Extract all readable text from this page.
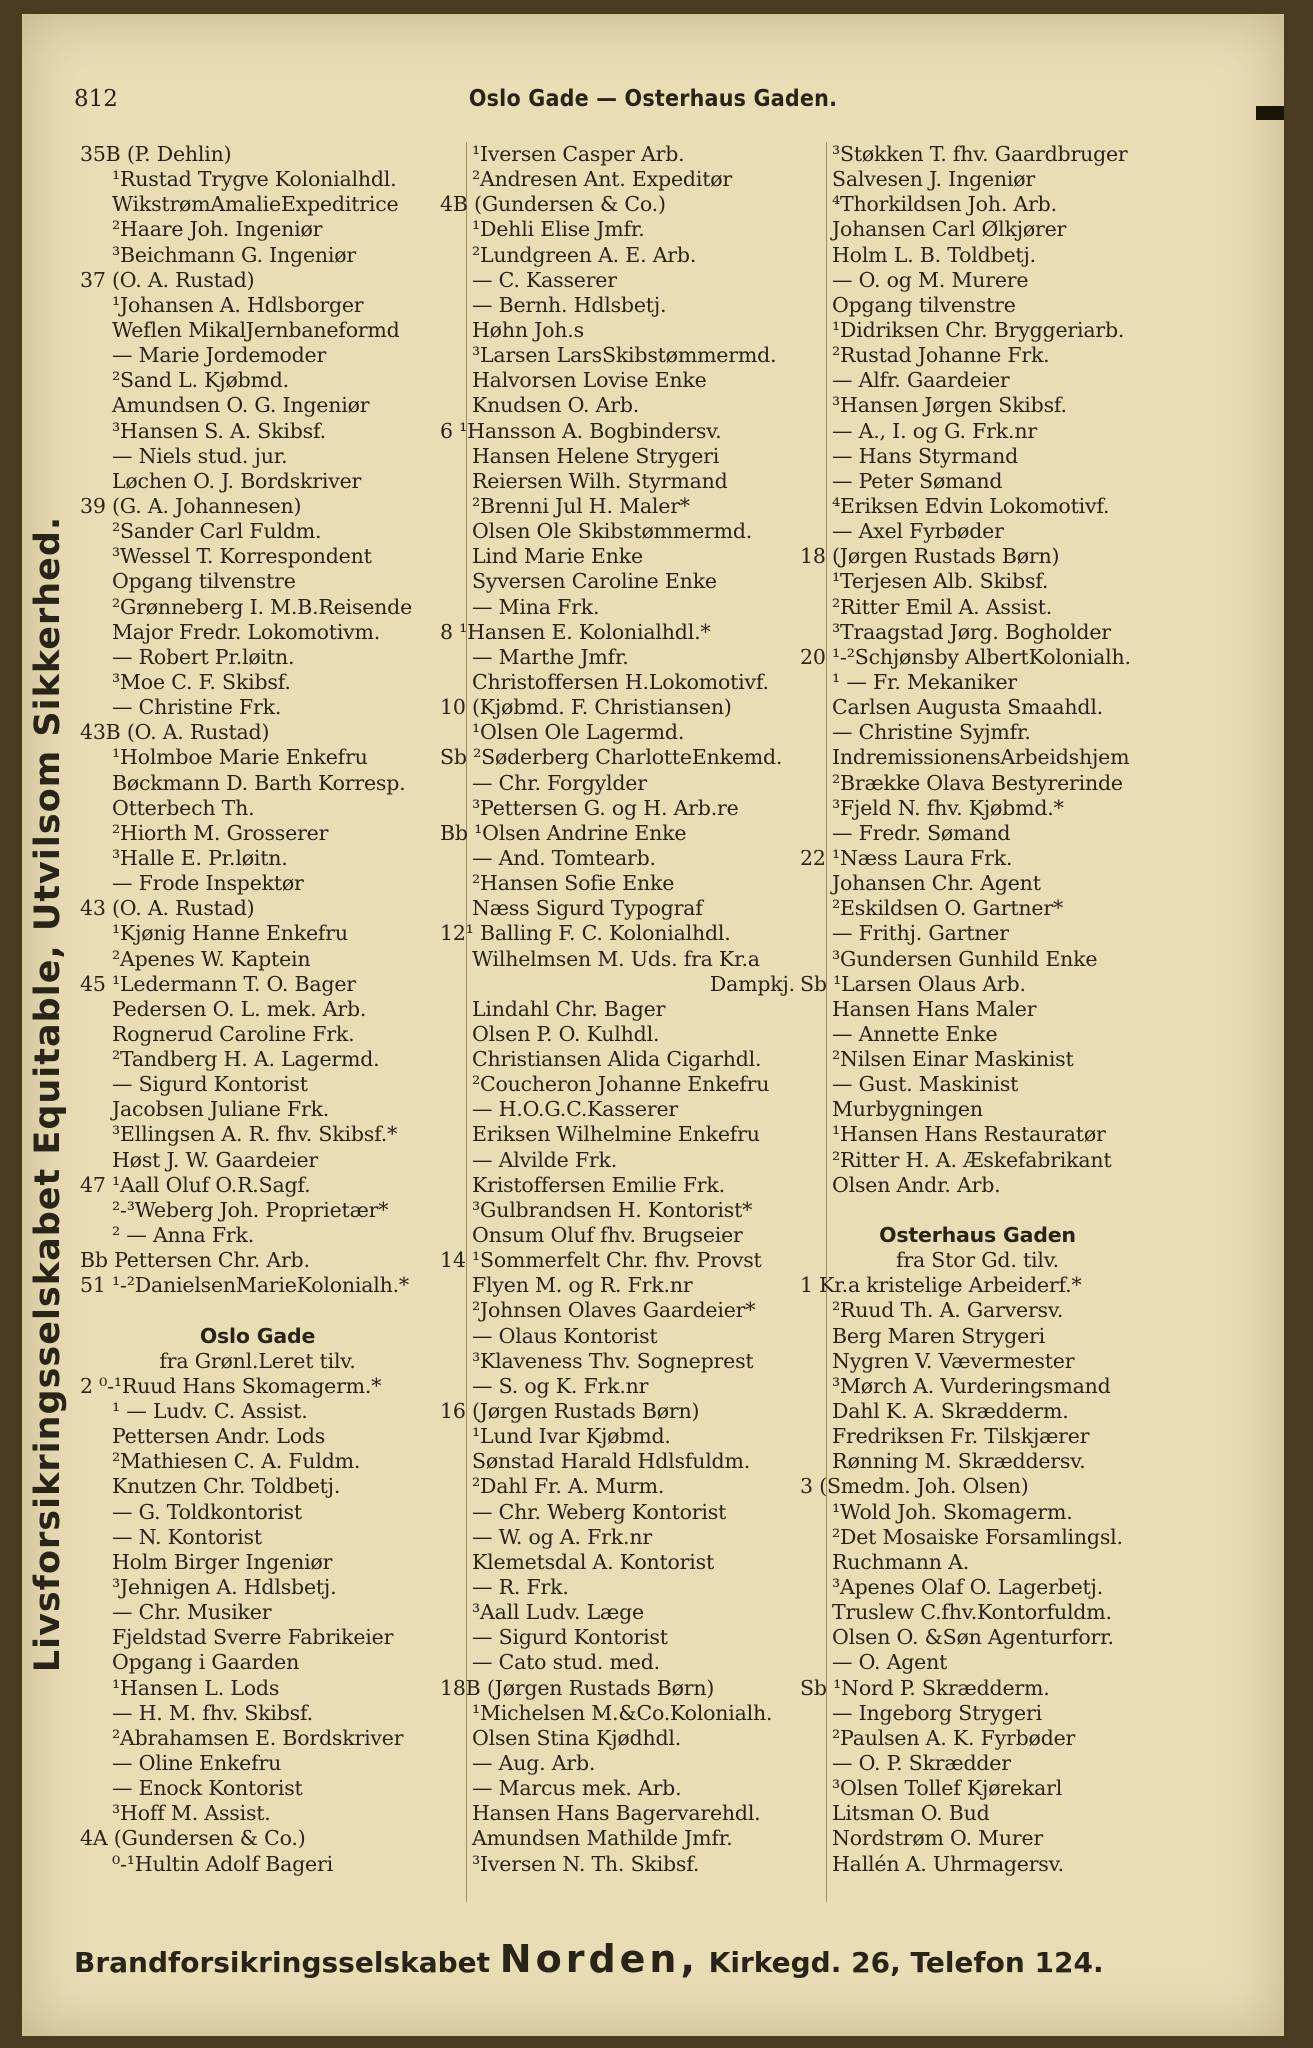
Oslo Gade — Osterhaus Gaden.
812
Livsforsikringsselskabet Equitable, Utvilsom Sikkerhed.
35B (P. Dehlin)
¹Rustad Trygve Kolonialhdl.
WikstrømAmalieExpeditrice
²Haare Joh. Ingeniør
³Beichmann G. Ingeniør
37 (O. A. Rustad)
¹Johansen A. Hdlsborger
Weflen MikalJernbaneformd
— Marie Jordemoder
²Sand L. Kjøbmd.
Amundsen O. G. Ingeniør
³Hansen S. A. Skibsf.
— Niels stud. jur.
Løchen O. J. Bordskriver
39 (G. A. Johannesen)
²Sander Carl Fuldm.
³Wessel T. Korrespondent
Opgang tilvenstre
²Grønneberg I. M.B.Reisende
Major Fredr. Lokomotivm.
— Robert Pr.løitn.
³Moe C. F. Skibsf.
— Christine Frk.
43B (O. A. Rustad)
¹Holmboe Marie Enkefru
Bøckmann D. Barth Korresp.
Otterbech Th.
²Hiorth M. Grosserer
³Halle E. Pr.løitn.
— Frode Inspektør
43 (O. A. Rustad)
¹Kjønig Hanne Enkefru
²Apenes W. Kaptein
45 ¹Ledermann T. O. Bager
Pedersen O. L. mek. Arb.
Rognerud Caroline Frk.
²Tandberg H. A. Lagermd.
— Sigurd Kontorist
Jacobsen Juliane Frk.
³Ellingsen A. R. fhv. Skibsf.*
Høst J. W. Gaardeier
47 ¹Aall Oluf O.R.Sagf.
²-³Weberg Joh. Proprietær*
² — Anna Frk.
Bb Pettersen Chr. Arb.
51 ¹-²DanielsenMarieKolonialh.*
Oslo Gade
fra Grønl.Leret tilv.
2 ⁰-¹Ruud Hans Skomagerm.*
¹ — Ludv. C. Assist.
Pettersen Andr. Lods
²Mathiesen C. A. Fuldm.
Knutzen Chr. Toldbetj.
— G. Toldkontorist
— N. Kontorist
Holm Birger Ingeniør
³Jehnigen A. Hdlsbetj.
— Chr. Musiker
Fjeldstad Sverre Fabrikeier
Opgang i Gaarden
¹Hansen L. Lods
— H. M. fhv. Skibsf.
²Abrahamsen E. Bordskriver
— Oline Enkefru
— Enock Kontorist
³Hoff M. Assist.
4A (Gundersen & Co.)
⁰-¹Hultin Adolf Bageri
¹Iversen Casper Arb.
²Andresen Ant. Expeditør
4B (Gundersen & Co.)
¹Dehli Elise Jmfr.
²Lundgreen A. E. Arb.
— C. Kasserer
— Bernh. Hdlsbetj.
Høhn Joh.s
³Larsen LarsSkibstømmermd.
Halvorsen Lovise Enke
Knudsen O. Arb.
6 ¹Hansson A. Bogbindersv.
Hansen Helene Strygeri
Reiersen Wilh. Styrmand
²Brenni Jul H. Maler*
Olsen Ole Skibstømmermd.
Lind Marie Enke
Syversen Caroline Enke
— Mina Frk.
8 ¹Hansen E. Kolonialhdl.*
— Marthe Jmfr.
Christoffersen H.Lokomotivf.
10 (Kjøbmd. F. Christiansen)
¹Olsen Ole Lagermd.
Sb ²Søderberg CharlotteEnkemd.
— Chr. Forgylder
³Pettersen G. og H. Arb.re
Bb ¹Olsen Andrine Enke
— And. Tomtearb.
²Hansen Sofie Enke
Næss Sigurd Typograf
12¹ Balling F. C. Kolonialhdl.
Wilhelmsen M. Uds. fra Kr.a
Dampkj.
Lindahl Chr. Bager
Olsen P. O. Kulhdl.
Christiansen Alida Cigarhdl.
²Coucheron Johanne Enkefru
— H.O.G.C.Kasserer
Eriksen Wilhelmine Enkefru
— Alvilde Frk.
Kristoffersen Emilie Frk.
³Gulbrandsen H. Kontorist*
Onsum Oluf fhv. Brugseier
14 ¹Sommerfelt Chr. fhv. Provst
Flyen M. og R. Frk.nr
²Johnsen Olaves Gaardeier*
— Olaus Kontorist
³Klaveness Thv. Sogneprest
— S. og K. Frk.nr
16 (Jørgen Rustads Børn)
¹Lund Ivar Kjøbmd.
Sønstad Harald Hdlsfuldm.
²Dahl Fr. A. Murm.
— Chr. Weberg Kontorist
— W. og A. Frk.nr
Klemetsdal A. Kontorist
— R. Frk.
³Aall Ludv. Læge
— Sigurd Kontorist
— Cato stud. med.
18B (Jørgen Rustads Børn)
¹Michelsen M.&Co.Kolonialh.
Olsen Stina Kjødhdl.
— Aug. Arb.
— Marcus mek. Arb.
Hansen Hans Bagervarehdl.
Amundsen Mathilde Jmfr.
³Iversen N. Th. Skibsf.
³Støkken T. fhv. Gaardbruger
Salvesen J. Ingeniør
⁴Thorkildsen Joh. Arb.
Johansen Carl Ølkjører
Holm L. B. Toldbetj.
— O. og M. Murere
Opgang tilvenstre
¹Didriksen Chr. Bryggeriarb.
²Rustad Johanne Frk.
— Alfr. Gaardeier
³Hansen Jørgen Skibsf.
— A., I. og G. Frk.nr
— Hans Styrmand
— Peter Sømand
⁴Eriksen Edvin Lokomotivf.
— Axel Fyrbøder
18 (Jørgen Rustads Børn)
¹Terjesen Alb. Skibsf.
²Ritter Emil A. Assist.
³Traagstad Jørg. Bogholder
20 ¹-²Schjønsby AlbertKolonialh.
¹ — Fr. Mekaniker
Carlsen Augusta Smaahdl.
— Christine Syjmfr.
IndremissionensArbeidshjem
²Brække Olava Bestyrerinde
³Fjeld N. fhv. Kjøbmd.*
— Fredr. Sømand
22 ¹Næss Laura Frk.
Johansen Chr. Agent
²Eskildsen O. Gartner*
— Frithj. Gartner
³Gundersen Gunhild Enke
Sb ¹Larsen Olaus Arb.
Hansen Hans Maler
— Annette Enke
²Nilsen Einar Maskinist
— Gust. Maskinist
Murbygningen
¹Hansen Hans Restauratør
²Ritter H. A. Æskefabrikant
Olsen Andr. Arb.
Osterhaus Gaden
fra Stor Gd. tilv.
1 Kr.a kristelige Arbeiderf.*
²Ruud Th. A. Garversv.
Berg Maren Strygeri
Nygren V. Vævermester
³Mørch A. Vurderingsmand
Dahl K. A. Skrædderm.
Fredriksen Fr. Tilskjærer
Rønning M. Skræddersv.
3 (Smedm. Joh. Olsen)
¹Wold Joh. Skomagerm.
²Det Mosaiske Forsamlingsl.
Ruchmann A.
³Apenes Olaf O. Lagerbetj.
Truslew C.fhv.Kontorfuldm.
Olsen O. &Søn Agenturforr.
— O. Agent
Sb ¹Nord P. Skrædderm.
— Ingeborg Strygeri
²Paulsen A. K. Fyrbøder
— O. P. Skrædder
³Olsen Tollef Kjørekarl
Litsman O. Bud
Nordstrøm O. Murer
Hallén A. Uhrmagersv.
Brandforsikringsselskabet Norden, Kirkegd. 26, Telefon 124.
